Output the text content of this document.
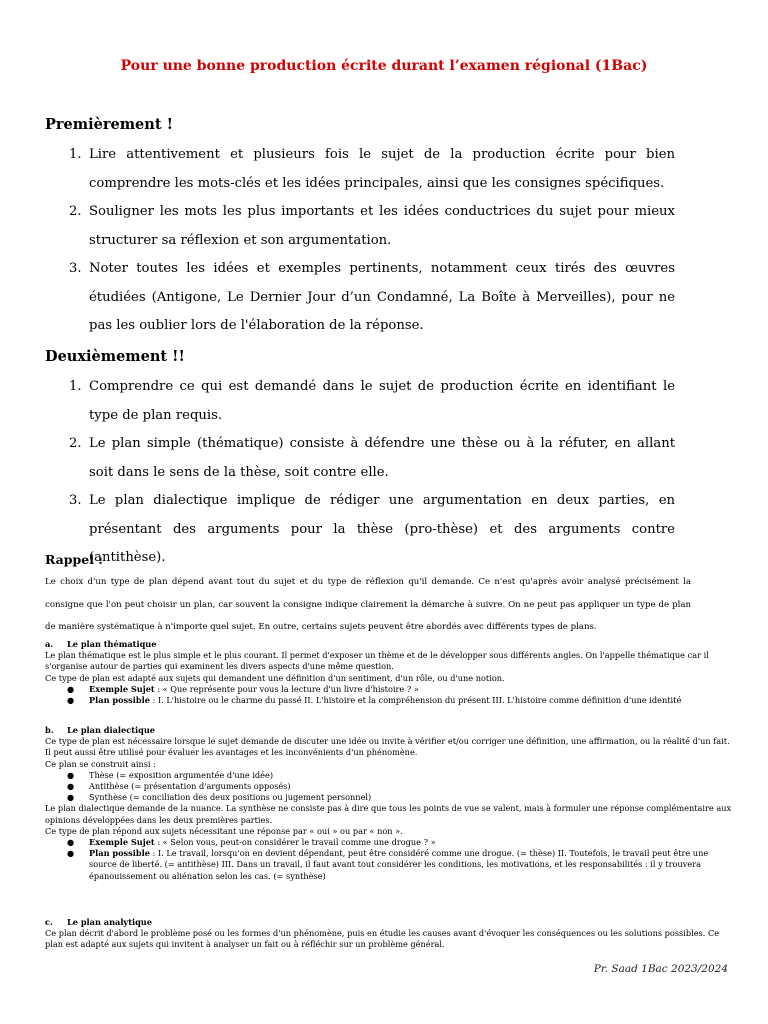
Pour une bonne production écrite durant l’examen régional (1Bac)
Premièrement !
1. Lire attentivement et plusieurs fois le sujet de la production écrite pour bien comprendre les mots-clés et les idées principales, ainsi que les consignes spécifiques.
2. Souligner les mots les plus importants et les idées conductrices du sujet pour mieux structurer sa réflexion et son argumentation.
3. Noter toutes les idées et exemples pertinents, notamment ceux tirés des œuvres étudiées (Antigone, Le Dernier Jour d’un Condamné, La Boîte à Merveilles), pour ne pas les oublier lors de l'élaboration de la réponse.
Deuxièmement !!
1. Comprendre ce qui est demandé dans le sujet de production écrite en identifiant le type de plan requis.
2. Le plan simple (thématique) consiste à défendre une thèse ou à la réfuter, en allant soit dans le sens de la thèse, soit contre elle.
3. Le plan dialectique implique de rédiger une argumentation en deux parties, en présentant des arguments pour la thèse (pro-thèse) et des arguments contre (antithèse).
Rappel :
Le choix d'un type de plan dépend avant tout du sujet et du type de réflexion qu'il demande. Ce n'est qu'après avoir analysé précisément la consigne que l'on peut choisir un plan, car souvent la consigne indique clairement la démarche à suivre. On ne peut pas appliquer un type de plan de manière systématique à n'importe quel sujet. En outre, certains sujets peuvent être abordés avec différents types de plans.
a. Le plan thématique

Le plan thématique est le plus simple et le plus courant. Il permet d'exposer un thème et de le développer sous différents angles. On l'appelle thématique car il s'organise autour de parties qui examinent les divers aspects d'une même question.

Ce type de plan est adapté aux sujets qui demandent une définition d'un sentiment, d'un rôle, ou d'une notion.

● Exemple Sujet : « Que représente pour vous la lecture d'un livre d'histoire ? »
● Plan possible : I. L'histoire ou le charme du passé II. L'histoire et la compréhension du présent III. L'histoire comme définition d'une identité
b. Le plan dialectique

Ce type de plan est nécessaire lorsque le sujet demande de discuter une idée ou invite à vérifier et/ou corriger une définition, une affirmation, ou la réalité d'un fait. Il peut aussi être utilisé pour évaluer les avantages et les inconvénients d'un phénomène.

Ce plan se construit ainsi :

● Thèse (= exposition argumentée d'une idée)
● Antithèse (= présentation d'arguments opposés)
● Synthèse (= conciliation des deux positions ou jugement personnel)

Le plan dialectique demande de la nuance. La synthèse ne consiste pas à dire que tous les points de vue se valent, mais à formuler une réponse complémentaire aux opinions développées dans les deux premières parties.

Ce type de plan répond aux sujets nécessitant une réponse par « oui » ou par « non ».

● Exemple Sujet : « Selon vous, peut-on considérer le travail comme une drogue ? »
● Plan possible : I. Le travail, lorsqu'on en devient dépendant, peut être considéré comme une drogue. (= thèse) II. Toutefois, le travail peut être une source de liberté. (= antithèse) III. Dans un travail, il faut avant tout considérer les conditions, les motivations, et les responsabilités : il y trouvera épanouissement ou aliénation selon les cas. (= synthèse)
c. Le plan analytique

Ce plan décrit d'abord le problème posé ou les formes d'un phénomène, puis en étudie les causes avant d'évoquer les conséquences ou les solutions possibles. Ce plan est adapté aux sujets qui invitent à analyser un fait ou à réfléchir sur un problème général.

Pr. Saad 1Bac 2023/2024
